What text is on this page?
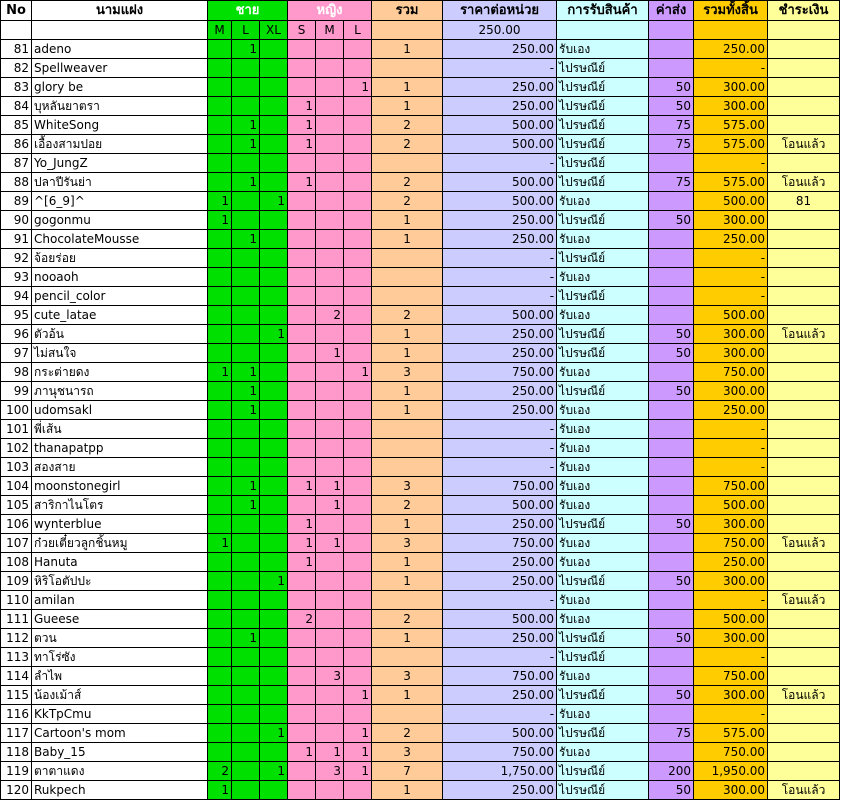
No	นามแฝง	ชาย			หญิง			รวม	ราคาต่อหน่วย	การรับสินค้า	ค่าส่ง	รวมทั้งสิ้น	ชำระเงิน
		M	L	XL	S	M	L		250.00				
81	adeno		1					1	250.00	รับเอง		250.00	
82	Spellweaver								-	ไปรษณีย์		-	
83	glory be						1	1	250.00	ไปรษณีย์	50	300.00	
84	บุหลันยาตรา				1			1	250.00	ไปรษณีย์	50	300.00	
85	WhiteSong		1		1			2	500.00	ไปรษณีย์	75	575.00	
86	เอื้องสามปอย		1		1			2	500.00	ไปรษณีย์	75	575.00	โอนแล้ว
87	Yo_JungZ								-	ไปรษณีย์		-	
88	ปลาปีรันย่า		1		1			2	500.00	ไปรษณีย์	75	575.00	โอนแล้ว
89	^[6_9]^	1		1				2	500.00	รับเอง		500.00	81
90	gogonmu	1						1	250.00	ไปรษณีย์	50	300.00	
91	ChocolateMousse		1					1	250.00	รับเอง		250.00	
92	จ้อยร่อย								-	ไปรษณีย์		-	
93	nooaoh								-	รับเอง		-	
94	pencil_color								-	ไปรษณีย์		-	
95	cute_latae					2		2	500.00	รับเอง		500.00	
96	ตัวอ้น			1				1	250.00	ไปรษณีย์	50	300.00	โอนแล้ว
97	ไม่สนใจ					1		1	250.00	ไปรษณีย์	50	300.00	
98	กระต่ายดง	1	1				1	3	750.00	รับเอง		750.00	
99	ภานุชนารถ		1					1	250.00	ไปรษณีย์	50	300.00	
100	udomsakl		1					1	250.00	รับเอง		250.00	
101	พี่เส้น								-	รับเอง		-	
102	thanapatpp								-	รับเอง		-	
103	สองสาย								-	รับเอง		-	
104	moonstonegirl		1		1	1		3	750.00	รับเอง		750.00	
105	สาริกาไนโตร		1			1		2	500.00	รับเอง		500.00	
106	wynterblue				1			1	250.00	ไปรษณีย์	50	300.00	
107	ก๋วยเตี๋ยวลูกชิ้นหมู	1			1	1		3	750.00	รับเอง		750.00	โอนแล้ว
108	Hanuta				1			1	250.00	รับเอง		250.00	
109	หิริโอตัปปะ			1				1	250.00	ไปรษณีย์	50	300.00	
110	amilan								-	รับเอง		-	โอนแล้ว
111	Gueese				2			2	500.00	รับเอง		500.00	
112	ตวน		1					1	250.00	ไปรษณีย์	50	300.00	
113	ทาโร่ซัง								-	ไปรษณีย์		-	
114	ลำไพ					3		3	750.00	รับเอง		750.00	
115	น้องเม้าส์						1	1	250.00	ไปรษณีย์	50	300.00	โอนแล้ว
116	KkTpCmu								-	รับเอง		-	
117	Cartoon's mom			1			1	2	500.00	ไปรษณีย์	75	575.00	
118	Baby_15				1	1	1	3	750.00	รับเอง		750.00	
119	ตาตาแดง	2		1		3	1	7	1,750.00	ไปรษณีย์	200	1,950.00	
120	Rukpech	1						1	250.00	ไปรษณีย์	50	300.00	โอนแล้ว
